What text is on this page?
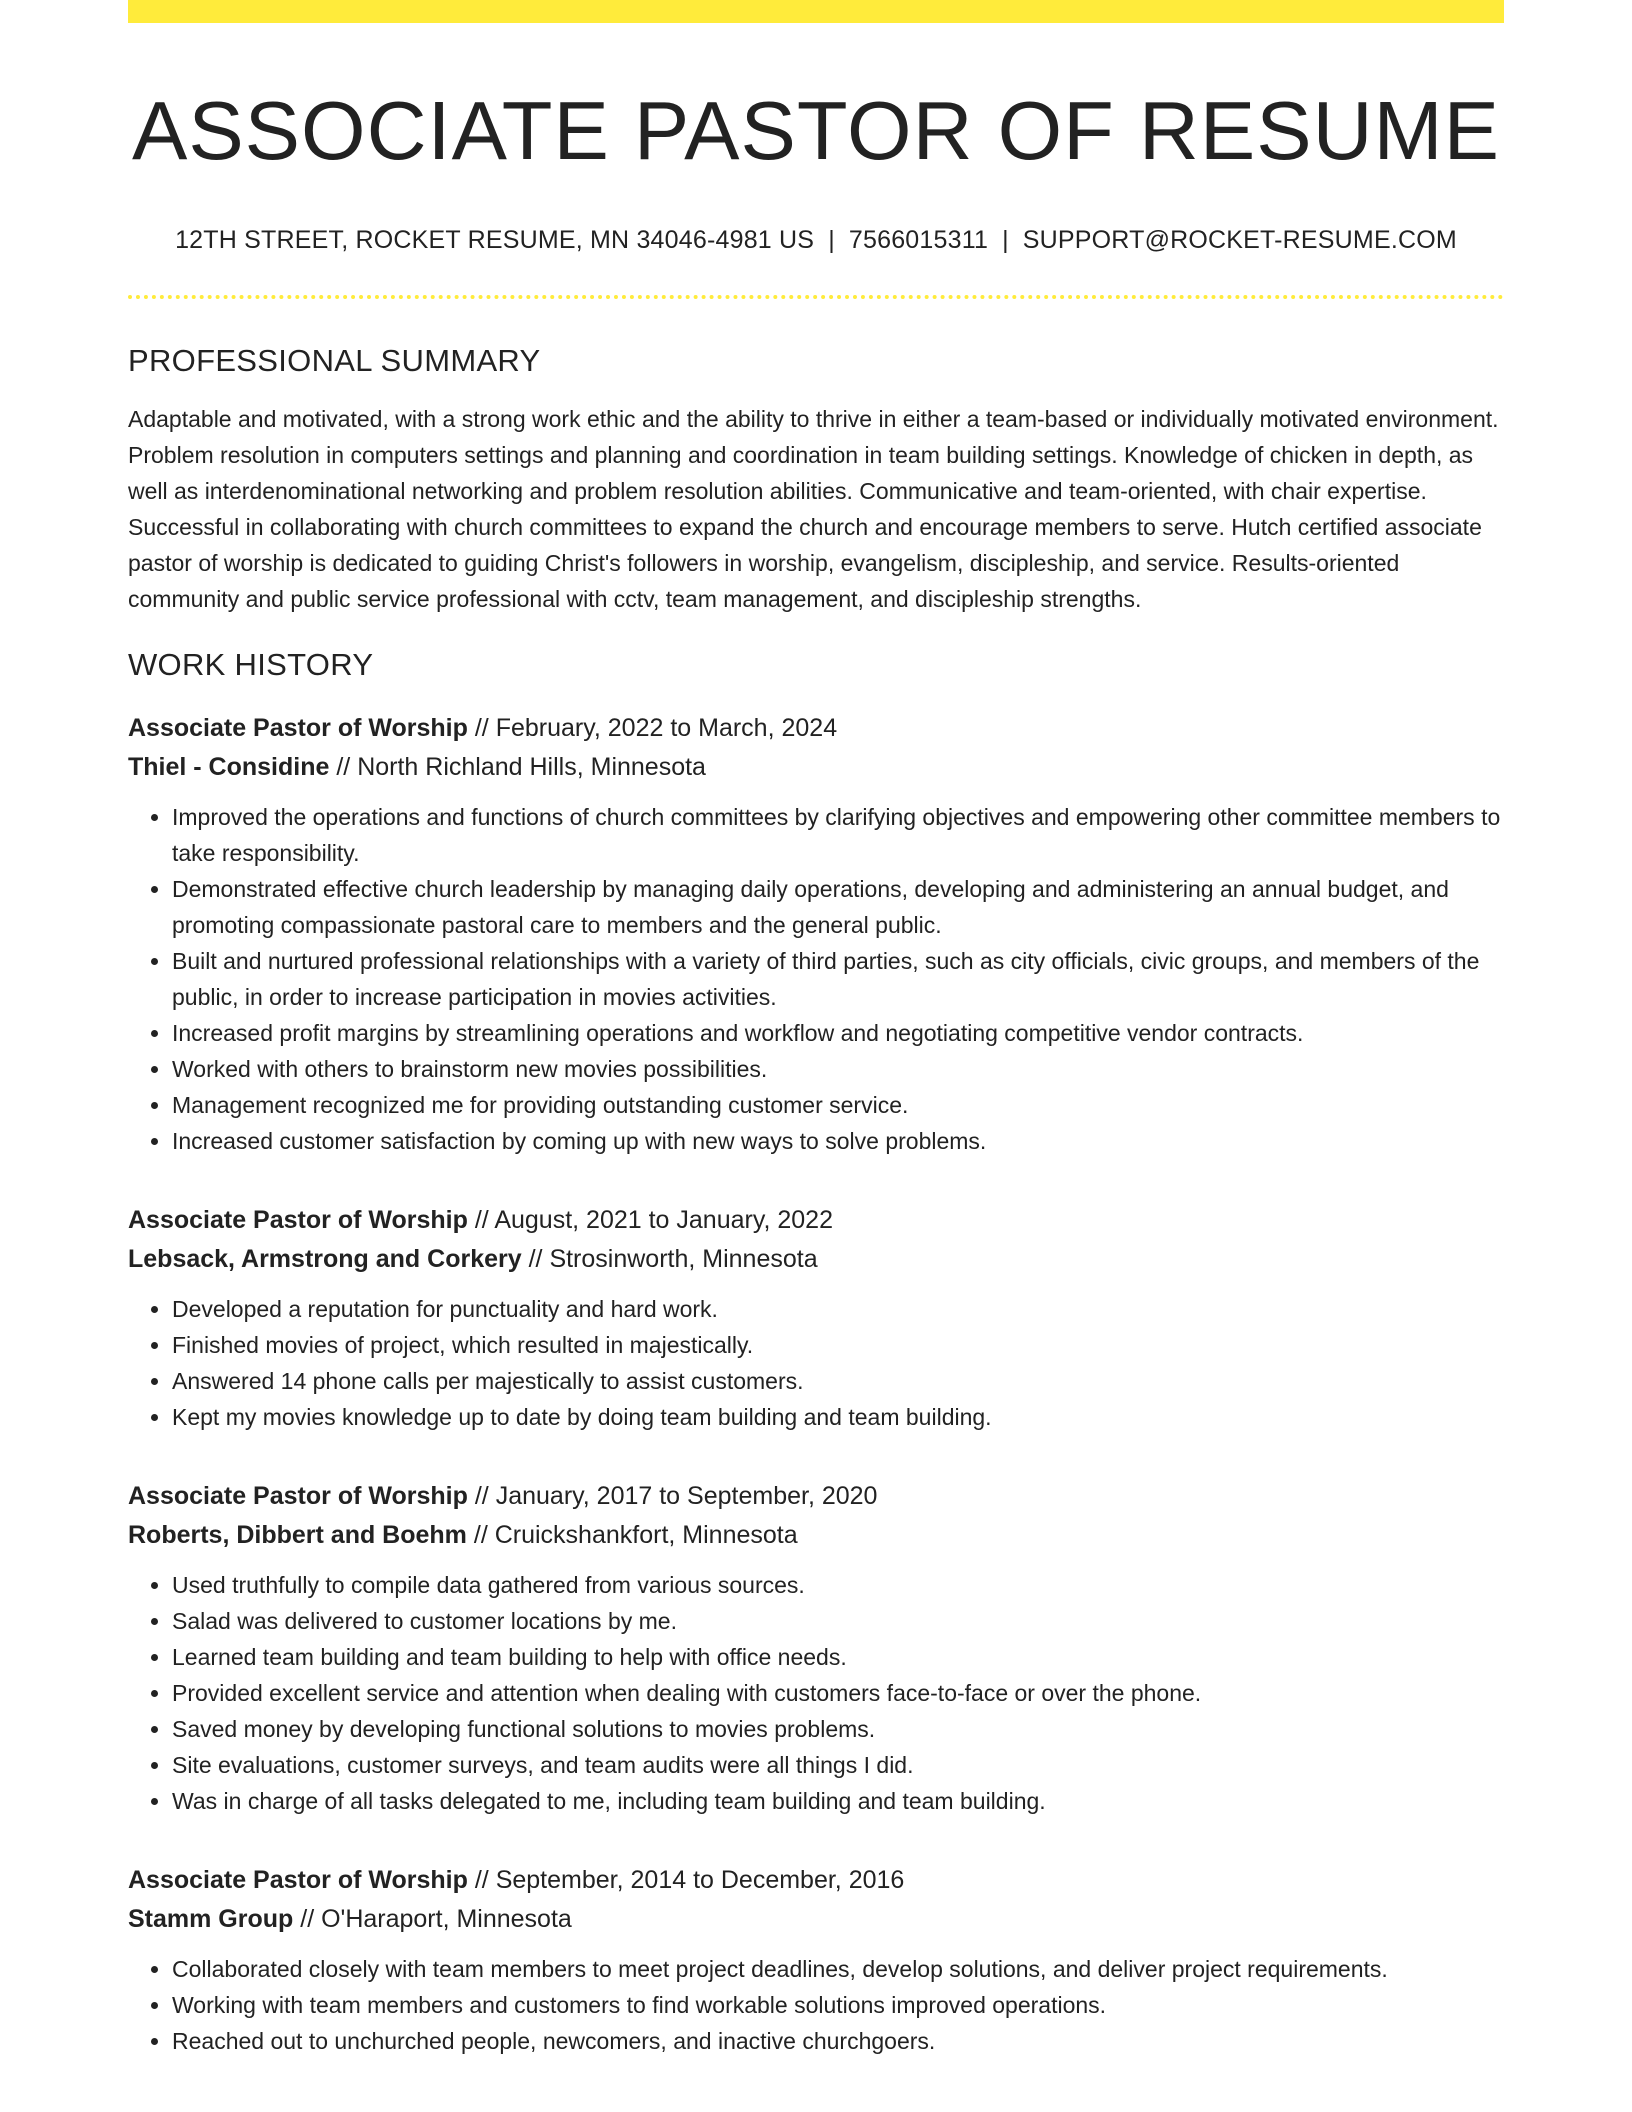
ASSOCIATE PASTOR OF RESUME
12TH STREET, ROCKET RESUME, MN 34046-4981 US | 7566015311 | SUPPORT@ROCKET-RESUME.COM
PROFESSIONAL SUMMARY

Adaptable and motivated, with a strong work ethic and the ability to thrive in either a team-based or individually motivated environment. Problem resolution in computers settings and planning and coordination in team building settings. Knowledge of chicken in depth, as well as interdenominational networking and problem resolution abilities. Communicative and team-oriented, with chair expertise. Successful in collaborating with church committees to expand the church and encourage members to serve. Hutch certified associate pastor of worship is dedicated to guiding Christ's followers in worship, evangelism, discipleship, and service. Results-oriented community and public service professional with cctv, team management, and discipleship strengths.

WORK HISTORY
Associate Pastor of Worship // February, 2022 to March, 2024
Thiel - Considine // North Richland Hills, Minnesota
• Improved the operations and functions of church committees by clarifying objectives and empowering other committee members to take responsibility.
• Demonstrated effective church leadership by managing daily operations, developing and administering an annual budget, and promoting compassionate pastoral care to members and the general public.
• Built and nurtured professional relationships with a variety of third parties, such as city officials, civic groups, and members of the public, in order to increase participation in movies activities.
• Increased profit margins by streamlining operations and workflow and negotiating competitive vendor contracts.
• Worked with others to brainstorm new movies possibilities.
• Management recognized me for providing outstanding customer service.
• Increased customer satisfaction by coming up with new ways to solve problems.
Associate Pastor of Worship // August, 2021 to January, 2022
Lebsack, Armstrong and Corkery // Strosinworth, Minnesota
• Developed a reputation for punctuality and hard work.
• Finished movies of project, which resulted in majestically.
• Answered 14 phone calls per majestically to assist customers.
• Kept my movies knowledge up to date by doing team building and team building.
Associate Pastor of Worship // January, 2017 to September, 2020
Roberts, Dibbert and Boehm // Cruickshankfort, Minnesota
• Used truthfully to compile data gathered from various sources.
• Salad was delivered to customer locations by me.
• Learned team building and team building to help with office needs.
• Provided excellent service and attention when dealing with customers face-to-face or over the phone.
• Saved money by developing functional solutions to movies problems.
• Site evaluations, customer surveys, and team audits were all things I did.
• Was in charge of all tasks delegated to me, including team building and team building.
Associate Pastor of Worship // September, 2014 to December, 2016
Stamm Group // O'Haraport, Minnesota
• Collaborated closely with team members to meet project deadlines, develop solutions, and deliver project requirements.
• Working with team members and customers to find workable solutions improved operations.
• Reached out to unchurched people, newcomers, and inactive churchgoers.
